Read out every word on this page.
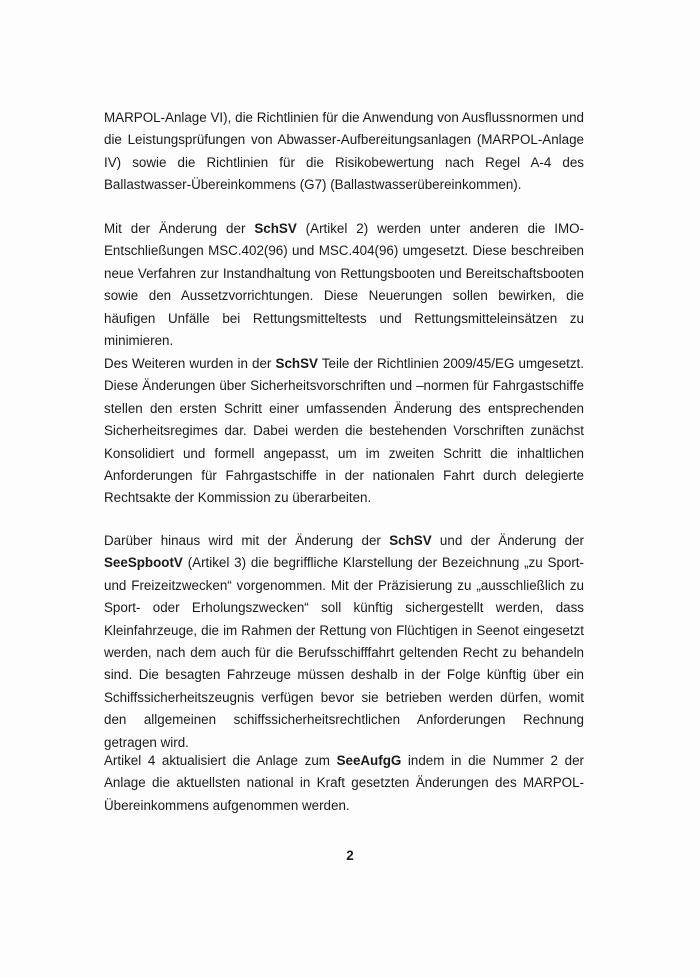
MARPOL-Anlage VI), die Richtlinien für die Anwendung von Ausflussnormen und die Leistungsprüfungen von Abwasser-Aufbereitungsanlagen (MARPOL-Anlage IV) sowie die Richtlinien für die Risikobewertung nach Regel A-4 des Ballastwasser-Übereinkommens (G7) (Ballastwasserübereinkommen).

Mit der Änderung der SchSV (Artikel 2) werden unter anderen die IMO-Entschließungen MSC.402(96) und MSC.404(96) umgesetzt. Diese beschreiben neue Verfahren zur Instandhaltung von Rettungsbooten und Bereitschaftsbooten sowie den Aussetzvorrichtungen. Diese Neuerungen sollen bewirken, die häufigen Unfälle bei Rettungsmitteltests und Rettungsmitteleinsätzen zu minimieren.

Des Weiteren wurden in der SchSV Teile der Richtlinien 2009/45/EG umgesetzt. Diese Änderungen über Sicherheitsvorschriften und –normen für Fahrgastschiffe stellen den ersten Schritt einer umfassenden Änderung des entsprechenden Sicherheitsregimes dar. Dabei werden die bestehenden Vorschriften zunächst Konsolidiert und formell angepasst, um im zweiten Schritt die inhaltlichen Anforderungen für Fahrgastschiffe in der nationalen Fahrt durch delegierte Rechtsakte der Kommission zu überarbeiten.

Darüber hinaus wird mit der Änderung der SchSV und der Änderung der SeeSpbootV (Artikel 3) die begriffliche Klarstellung der Bezeichnung „zu Sport- und Freizeitzwecken“ vorgenommen. Mit der Präzisierung zu „ausschließlich zu Sport- oder Erholungszwecken“ soll künftig sichergestellt werden, dass Kleinfahrzeuge, die im Rahmen der Rettung von Flüchtigen in Seenot eingesetzt werden, nach dem auch für die Berufsschifffahrt geltenden Recht zu behandeln sind. Die besagten Fahrzeuge müssen deshalb in der Folge künftig über ein Schiffssicherheitszeugnis verfügen bevor sie betrieben werden dürfen, womit den allgemeinen schiffssicherheitsrechtlichen Anforderungen Rechnung getragen wird.

Artikel 4 aktualisiert die Anlage zum SeeAufgG indem in die Nummer 2 der Anlage die aktuellsten national in Kraft gesetzten Änderungen des MARPOL-Übereinkommens aufgenommen werden.

2
